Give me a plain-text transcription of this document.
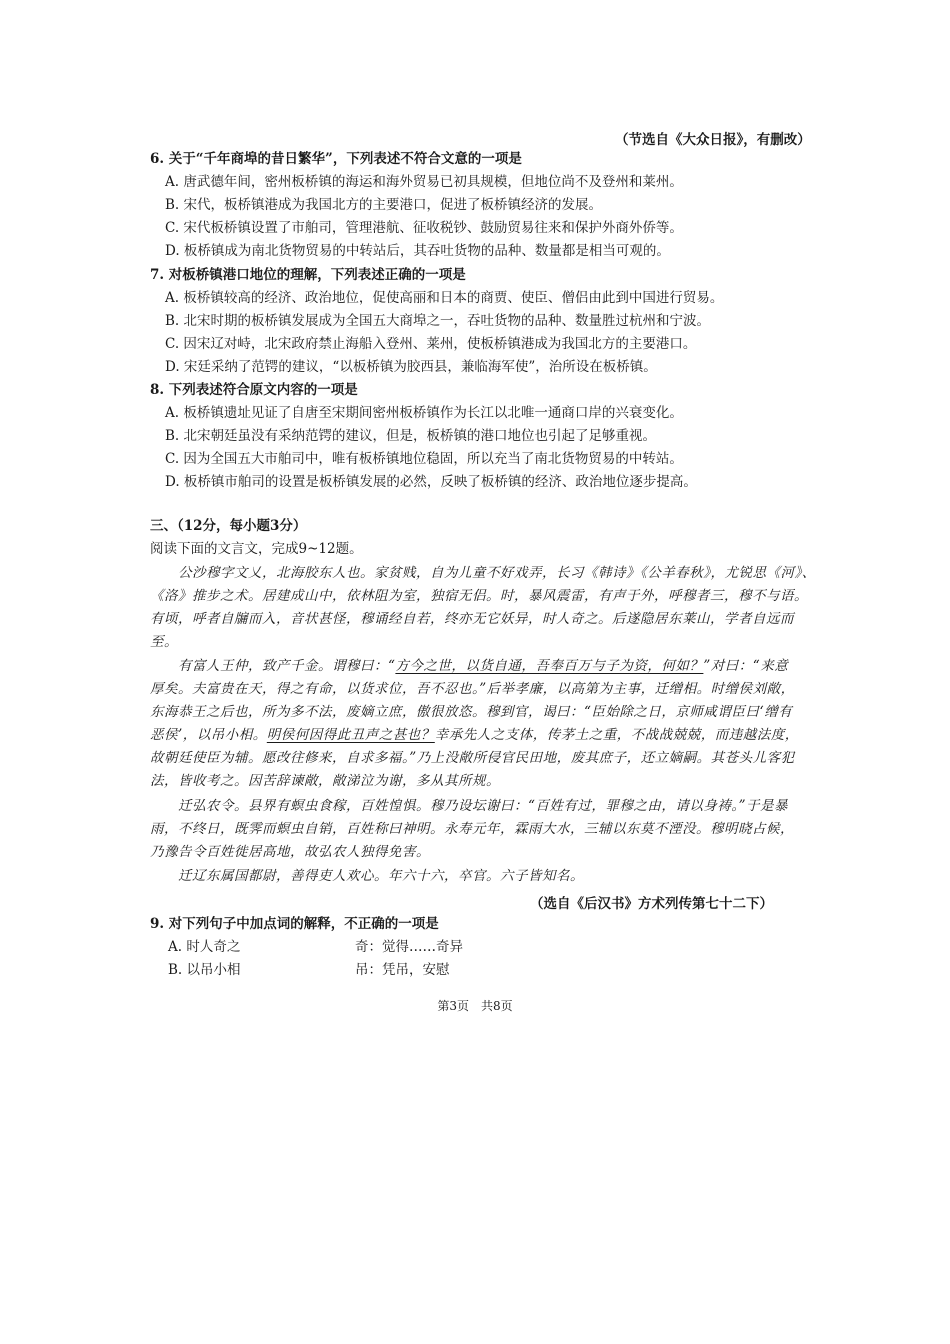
（节选自《大众日报》，有删改）
6. 关于“千年商埠的昔日繁华”，下列表述不符合文意的一项是
A. 唐武德年间，密州板桥镇的海运和海外贸易已初具规模，但地位尚不及登州和莱州。
B. 宋代，板桥镇港成为我国北方的主要港口，促进了板桥镇经济的发展。
C. 宋代板桥镇设置了市舶司，管理港航、征收税钞、鼓励贸易往来和保护外商外侨等。
D. 板桥镇成为南北货物贸易的中转站后，其吞吐货物的品种、数量都是相当可观的。
7. 对板桥镇港口地位的理解，下列表述正确的一项是
A. 板桥镇较高的经济、政治地位，促使高丽和日本的商贾、使臣、僧侣由此到中国进行贸易。
B. 北宋时期的板桥镇发展成为全国五大商埠之一，吞吐货物的品种、数量胜过杭州和宁波。
C. 因宋辽对峙，北宋政府禁止海船入登州、莱州，使板桥镇港成为我国北方的主要港口。
D. 宋廷采纳了范锷的建议，“以板桥镇为胶西县，兼临海军使”，治所设在板桥镇。
8. 下列表述符合原文内容的一项是
A. 板桥镇遗址见证了自唐至宋期间密州板桥镇作为长江以北唯一通商口岸的兴衰变化。
B. 北宋朝廷虽没有采纳范锷的建议，但是，板桥镇的港口地位也引起了足够重视。
C. 因为全国五大市舶司中，唯有板桥镇地位稳固，所以充当了南北货物贸易的中转站。
D. 板桥镇市舶司的设置是板桥镇发展的必然，反映了板桥镇的经济、政治地位逐步提高。
三、（12分，每小题3分）
阅读下面的文言文，完成9~12题。
公沙穆字文乂，北海胶东人也。家贫贱，自为儿童不好戏弄，长习《韩诗》《公羊春秋》，尤锐思《河》、
《洛》推步之术。居建成山中，依林阻为室，独宿无侣。时，暴风震雷，有声于外，呼穆者三，穆不与语。
有顷，呼者自牖而入，音状甚怪，穆诵经自若，终亦无它妖异，时人奇之。后遂隐居东莱山，学者自远而
至。
有富人王仲，致产千金。谓穆曰：“方今之世，以货自通，吾奉百万与子为资，何如？”对曰：“来意
厚矣。夫富贵在天，得之有命，以货求位，吾不忍也。”后举孝廉，以高第为主事，迁缯相。时缯侯刘敞，
东海恭王之后也，所为多不法，废嫡立庶，傲很放恣。穆到官，谒曰：“臣始除之日，京师咸谓臣曰‘缯有
恶侯’，以吊小相。明侯何因得此丑声之甚也？幸承先人之支体，传茅土之重，不战战兢兢，而违越法度，
故朝廷使臣为辅。愿改往修来，自求多福。”乃上没敞所侵官民田地，废其庶子，还立嫡嗣。其苍头儿客犯
法，皆收考之。因苦辞谏敞，敞涕泣为谢，多从其所规。
迁弘农令。县界有螟虫食稼，百姓惶惧。穆乃设坛谢曰：“百姓有过，罪穆之由，请以身祷。”于是暴
雨，不终日，既霁而螟虫自销，百姓称曰神明。永寿元年，霖雨大水，三辅以东莫不湮没。穆明晓占候，
乃豫告令百姓徙居高地，故弘农人独得免害。
迁辽东属国都尉，善得吏人欢心。年六十六，卒官。六子皆知名。
（选自《后汉书》方术列传第七十二下）
9. 对下列句子中加点词的解释，不正确的一项是
A. 时人奇之	奇：觉得……奇异
B. 以吊小相	吊：凭吊，安慰
第3页　共8页
